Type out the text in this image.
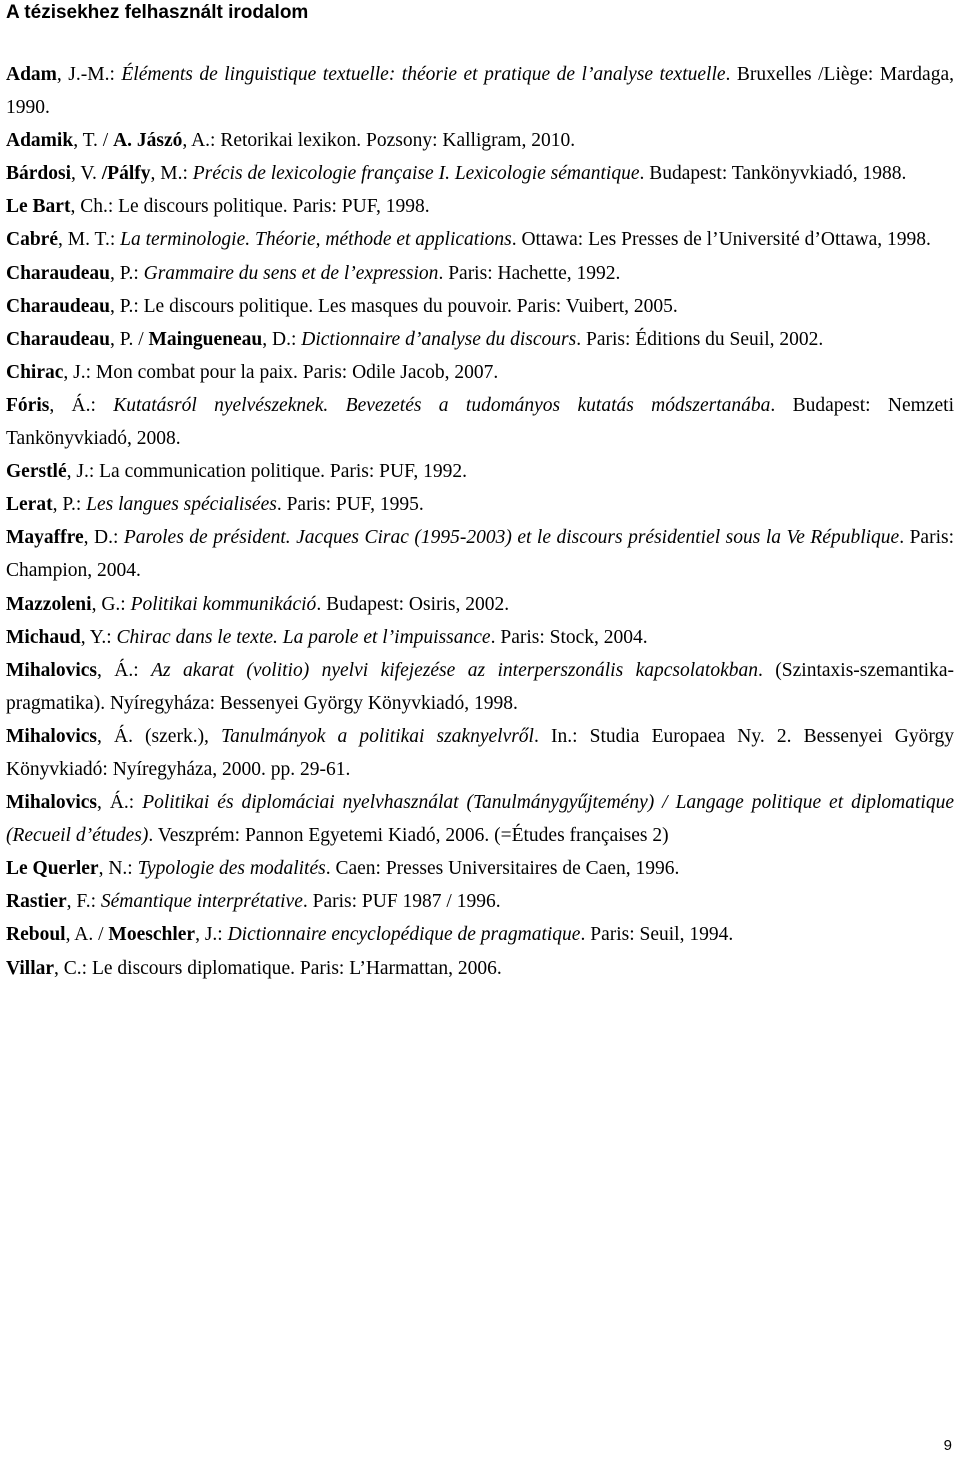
A tézisekhez felhasznált irodalom

Adam, J.-M.: Éléments de linguistique textuelle: théorie et pratique de l’analyse textuelle. Bruxelles /Liège: Mardaga, 1990.

Adamik, T. / A. Jászó, A.: Retorikai lexikon. Pozsony: Kalligram, 2010.

Bárdosi, V. /Pálfy, M.: Précis de lexicologie française I. Lexicologie sémantique. Budapest: Tankönyvkiadó, 1988.

Le Bart, Ch.: Le discours politique. Paris: PUF, 1998.

Cabré, M. T.: La terminologie. Théorie, méthode et applications. Ottawa: Les Presses de l’Université d’Ottawa, 1998.

Charaudeau, P.: Grammaire du sens et de l’expression. Paris: Hachette, 1992.

Charaudeau, P.: Le discours politique. Les masques du pouvoir. Paris: Vuibert, 2005.

Charaudeau, P. / Maingueneau, D.: Dictionnaire d’analyse du discours. Paris: Éditions du Seuil, 2002.

Chirac, J.: Mon combat pour la paix. Paris: Odile Jacob, 2007.

Fóris, Á.: Kutatásról nyelvészeknek. Bevezetés a tudományos kutatás módszertanába. Budapest: Nemzeti Tankönyvkiadó, 2008.

Gerstlé, J.: La communication politique. Paris: PUF, 1992.

Lerat, P.: Les langues spécialisées. Paris: PUF, 1995.

Mayaffre, D.: Paroles de président. Jacques Cirac (1995-2003) et le discours présidentiel sous la Ve République. Paris: Champion, 2004.

Mazzoleni, G.: Politikai kommunikáció. Budapest: Osiris, 2002.

Michaud, Y.: Chirac dans le texte. La parole et l’impuissance. Paris: Stock, 2004.

Mihalovics, Á.: Az akarat (volitio) nyelvi kifejezése az interperszonális kapcsolatokban. (Szintaxis-szemantika-pragmatika). Nyíregyháza: Bessenyei György Könyvkiadó, 1998.

Mihalovics, Á. (szerk.), Tanulmányok a politikai szaknyelvről. In.: Studia Europaea Ny. 2. Bessenyei György Könyvkiadó: Nyíregyháza, 2000. pp. 29-61.

Mihalovics, Á.: Politikai és diplomáciai nyelvhasználat (Tanulmánygyűjtemény) / Langage politique et diplomatique (Recueil d’études). Veszprém: Pannon Egyetemi Kiadó, 2006. (=Études françaises 2)

Le Querler, N.: Typologie des modalités. Caen: Presses Universitaires de Caen, 1996.

Rastier, F.: Sémantique interprétative. Paris: PUF 1987 / 1996.

Reboul, A. / Moeschler, J.: Dictionnaire encyclopédique de pragmatique. Paris: Seuil, 1994.

Villar, C.: Le discours diplomatique. Paris: L’Harmattan, 2006.

9
